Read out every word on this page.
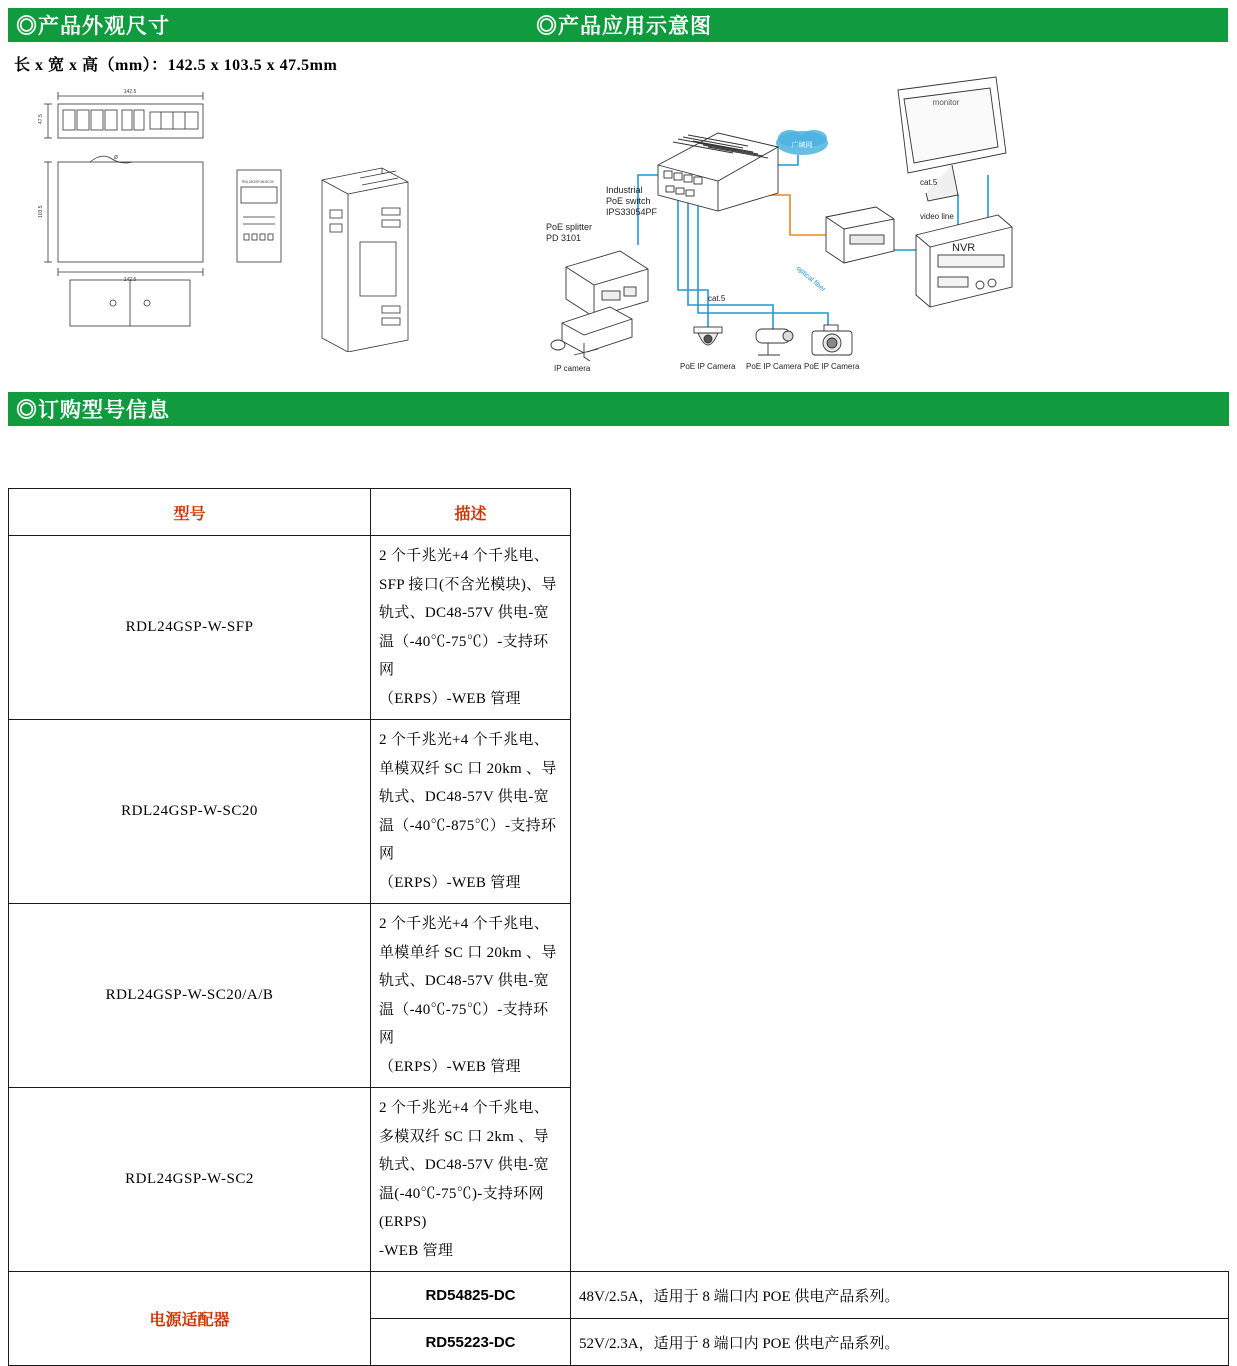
◎产品外观尺寸	◎产品应用示意图
◎订购型号信息
长 x 宽 x 高（mm）：142.5 x 103.5 x 47.5mm
142.5
142.5
47.5
103.5
Ø
RDL24GSP-W-SC20
广域网
Industrial
PoE switch
IPS33054PF
monitor
NVR
PoE splitter
PD 3101
IP camera	PoE IP Camera PoE IP Camera PoE IP Camera
cat.5
cat.5
video line
optical fiber
型号	描述	
RDL24GSP-W-SFP	2 个千兆光+4 个千兆电、SFP 接口(不含光模块)、导轨式、DC48-57V 供电-宽温（-40℃-75℃）-支持环网
（ERPS）-WEB 管理	

RDL24GSP-W-SC20	2 个千兆光+4 个千兆电、单模双纤 SC 口 20km 、导轨式、DC48-57V 供电-宽温（-40℃-875℃）-支持环网
（ERPS）-WEB 管理	

RDL24GSP-W-SC20/A/B	2 个千兆光+4 个千兆电、单模单纤 SC 口 20km 、导轨式、DC48-57V 供电-宽温（-40℃-75℃）-支持环网
（ERPS）-WEB 管理	

RDL24GSP-W-SC2	2 个千兆光+4 个千兆电、多模双纤 SC 口 2km 、导轨式、DC48-57V 供电-宽温(-40℃-75℃)-支持环网(ERPS)
-WEB 管理	

电源适配器	RD54825-DC	48V/2.5A，适用于 8 端口内 POE 供电产品系列。
	RD55223-DC	52V/2.3A，适用于 8 端口内 POE 供电产品系列。
